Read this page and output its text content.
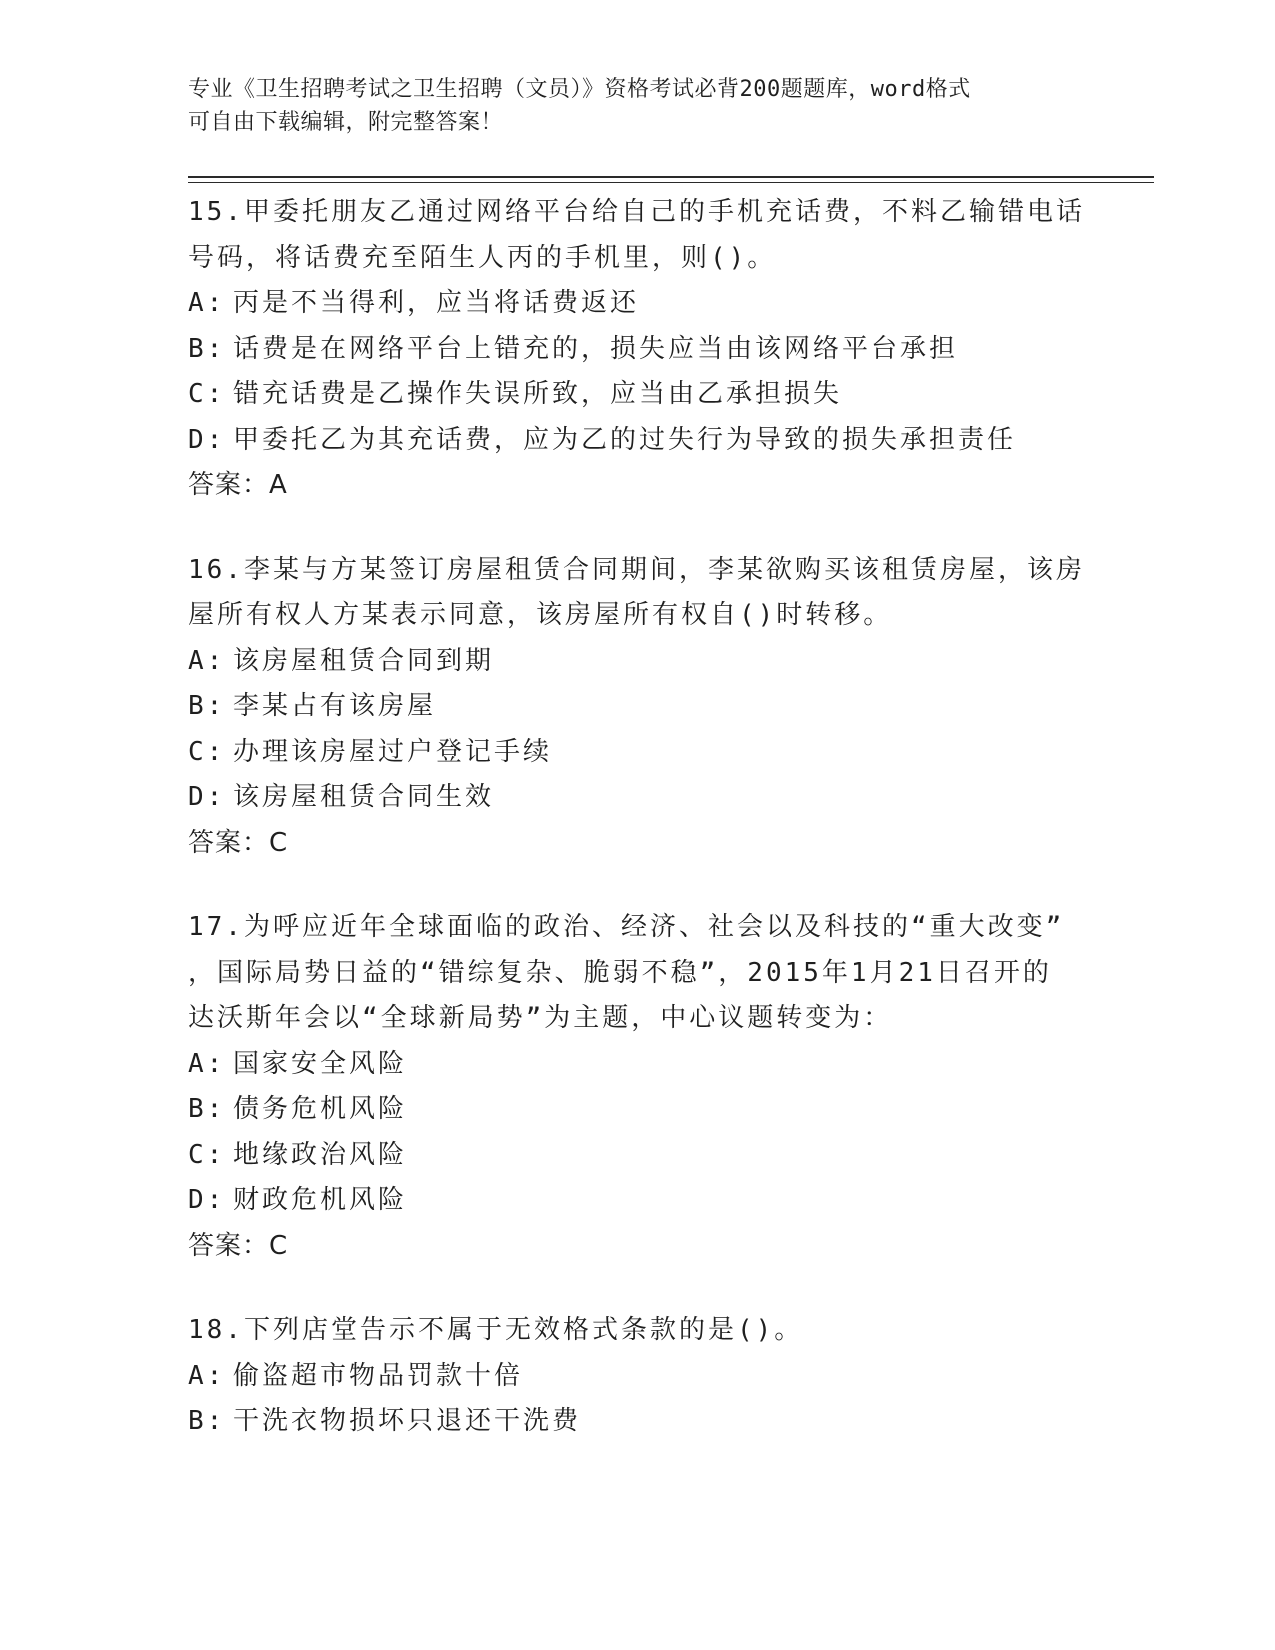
专业《卫生招聘考试之卫生招聘（文员）》资格考试必背200题题库，word格式
可自由下载编辑，附完整答案！

15.甲委托朋友乙通过网络平台给自己的手机充话费，不料乙输错电话

号码，将话费充至陌生人丙的手机里，则()。

A: 丙是不当得利，应当将话费返还

B: 话费是在网络平台上错充的，损失应当由该网络平台承担

C: 错充话费是乙操作失误所致，应当由乙承担损失

D: 甲委托乙为其充话费，应为乙的过失行为导致的损失承担责任

答案：A

16.李某与方某签订房屋租赁合同期间，李某欲购买该租赁房屋，该房

屋所有权人方某表示同意，该房屋所有权自()时转移。

A: 该房屋租赁合同到期

B: 李某占有该房屋

C: 办理该房屋过户登记手续

D: 该房屋租赁合同生效

答案：C

17.为呼应近年全球面临的政治、经济、社会以及科技的“重大改变”

，国际局势日益的“错综复杂、脆弱不稳”，2015年1月21日召开的

达沃斯年会以“全球新局势”为主题，中心议题转变为：

A: 国家安全风险

B: 债务危机风险

C: 地缘政治风险

D: 财政危机风险

答案：C

18.下列店堂告示不属于无效格式条款的是()。

A: 偷盗超市物品罚款十倍

B: 干洗衣物损坏只退还干洗费
